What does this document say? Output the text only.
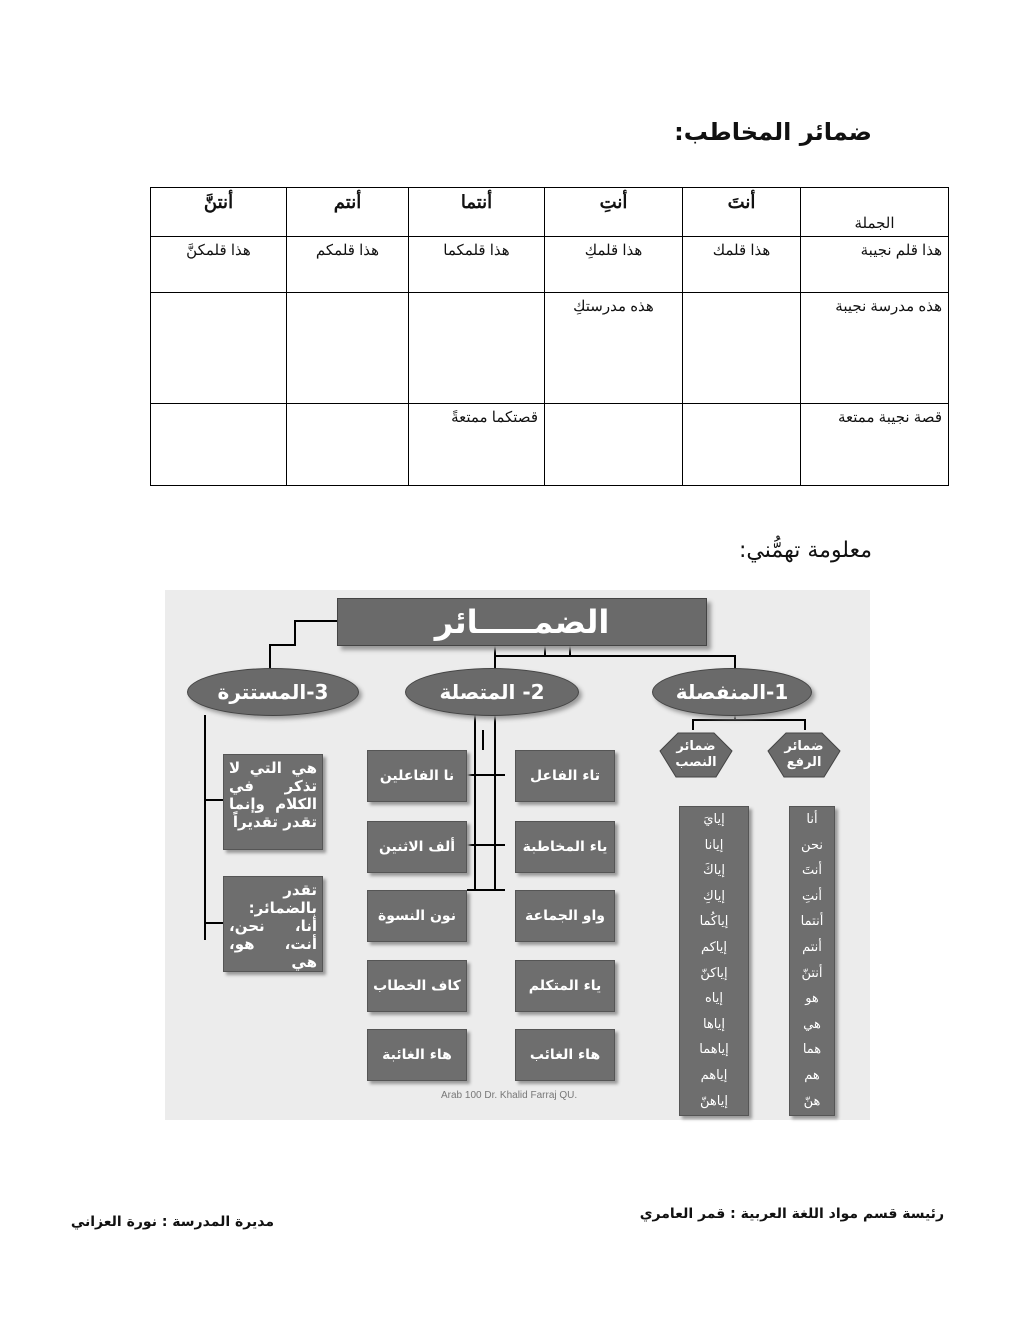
ضمائر المخاطب:
الجملة	أنتَ	أنتِ	أنتما	أنتم	أنتنَّ
هذا قلم نجيبة	هذا قلمك	هذا قلمكِ	هذا قلمكما	هذا قلمكم	هذا قلمكنَّ
هذه مدرسة نجيبة		هذه مدرستكِ			
قصة نجيبة ممتعة			قصتكما ممتعةً		
معلومة تهمُّني:
الضمـــــائر
1-المنفصلة
2- المتصلة
3-المستترة
ضمائر الرفع
ضمائر النصب
أنا
نحن
أنتَ
أنتِ
أنتما
أنتم
أنتنّ
هو
هي
هما
هم
هنّ
إيايَ
إيانا
إياكَ
إياكِ
إياكُما
إياكم
إياكنّ
إياه
إياها
إياهما
إياهم
إياهنّ
تاء الفاعل
ياء المخاطبة
واو الجماعة
ياء المتكلم
هاء الغائب
نا الفاعلين
ألف الاثنين
نون النسوة
كاف الخطاب
هاء الغائبة
هي التي لا تذكر في الكلام وإنما تقدر تقديراً
تقدر بالضمائر: أنا، نحن، أنت، هو، هي
Arab 100 Dr. Khalid Farraj QU.
رئيسة قسم مواد اللغة العربية : قمر العامري
مديرة المدرسة : نورة العزاني
